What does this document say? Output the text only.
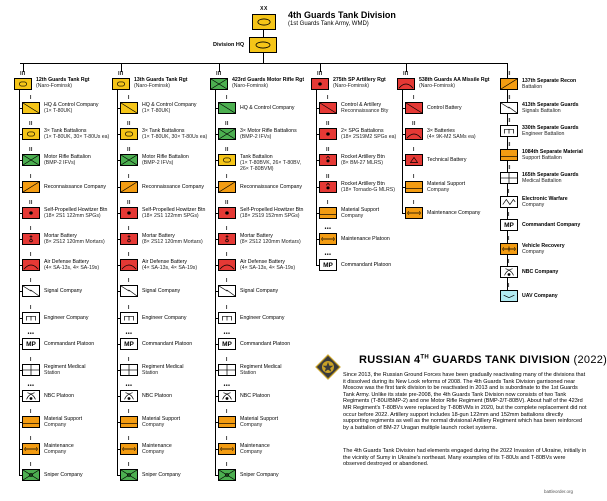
XX
4th Guards Tank Division
(1st Guards Tank Army, WMD)
Division HQ
III
12th Guards Tank Rgt
(Naro-Fominsk)
I
HQ & Control Company
(1× T-80UK)
II
3× Tank Battalions
(1× T-80UK, 30× T-80Us ea)
II
Motor Rifle Battalion
(BMP-2 IFVs)
I
Reconnaissance Company
II
Self-Propelled Howitzer Btn
(18× 2S1 122mm SPGs)
I
Mortar Battery
(8× 2S12 120mm Mortars)
I
Air Defense Battery
(4× SA-13s, 4× SA-19s)
I
Signal Company
I
Engineer Company
•••
MP	Commandant Platoon
I
Regiment Medical
Station
•••
NBC Platoon
I
Material Support
Company
I
Maintenance
Company
I
Sniper Company
III
13th Guards Tank Rgt
(Naro-Fominsk)
I
HQ & Control Company
(1× T-80UK)
II
3× Tank Battalions
(1× T-80UK, 30× T-80Us ea)
II
Motor Rifle Battalion
(BMP-2 IFVs)
I
Reconnaissance Company
II
Self-Propelled Howitzer Btn
(18× 2S1 122mm SPGs)
I
Mortar Battery
(8× 2S12 120mm Mortars)
I
Air Defense Battery
(4× SA-13s, 4× SA-19s)
I
Signal Company
I
Engineer Company
•••
MP	Commandant Platoon
I
Regiment Medical
Station
•••
NBC Platoon
I
Material Support
Company
I
Maintenance
Company
I
Sniper Company
III
423rd Guards Motor Rifle Rgt
(Naro-Fominsk)
I
HQ & Control Company
II
3× Motor Rifle Battalions
(BMP-2 IFVs)
II
Tank Battalion
(1× T-80BVK, 26× T-80BV,
26× T-80BVM)
I
Reconnaissance Company
II
Self-Propelled Howitzer Btn
(18× 2S19 152mm SPGs)
I
Mortar Battery
(8× 2S12 120mm Mortars)
I
Air Defense Battery
(4× SA-13s, 4× SA-19s)
I
Signal Company
I
Engineer Company
•••
MP	Commandant Platoon
I
Regiment Medical
Station
•••
NBC Platoon
I
Material Support
Company
I
Maintenance
Company
I
Sniper Company
III
275th SP Artillery Rgt
(Naro-Fominsk)
I
Control & Artillery
Reconnaissance Bty
II
2× SPG Battalions
(18× 2S19M2 SPGs ea)
II
Rocket Artillery Btn
(8× BM-27 MLRS)
II
Rocket Artillery Btn
(18× Tornado-G MLRS)
I
Material Support
Company
•••
Maintenance Platoon
•••
MP	Commandant Platoon
III
538th Guards AA Missile Rgt
(Naro-Fominsk)
I
Control Battery
II
3× Batteries
(4× 9K-M2 SAMs ea)
I
Technical Battery
I
Material Support
Company
I
Maintenance Company
II
137th Separate Recon
Battalion
II
413th Separate Guards
Signals Battalion
II
330th Separate Guards
Engineer Battalion
II
1084th Separate Material
Support Battalion
II
165th Separate Guards
Medical Battalion
I
Electronic Warfare
Company
I
MP	Commandant Company
I
Vehicle Recovery
Company
I
NBC Company
I
UAV Company
RUSSIAN 4TH GUARDS TANK DIVISION (2022)
Since 2013, the Russian Ground Forces have been gradually reactivating many of the divisions that it dissolved during its New Look reforms of 2008. The 4th Guards Tank Division garrisoned near Moscow was the first tank division to be reactivated in 2013 and is subordinate to the 1st Guards Tank Army. Unlike its state pre-2008, the 4th Guards Tank Division now consists of two Tank Regiments (T-80U/BMP-2) and one Motor Rifle Regiment (BMP-2/T-80BV). About half of the 423rd MR Regiment's T-80BVs were replaced by T-80BVMs in 2020, but the complete replacement did not occur before 2022. Artillery support includes 18-gun 122mm and 152mm battalions directly supporting regiments as well as the normal divisional Artillery Regiment which has been reinforced by a battalion of BM-27 Uragan multiple launch rocket systems.
The 4th Guards Tank Division had elements engaged during the 2022 Invasion of Ukraine, initially in the vicinity of Sumy in Ukraine's northeast. Many examples of its T-80Us and T-80BVs were observed destroyed or abandoned.
battleorder.org
